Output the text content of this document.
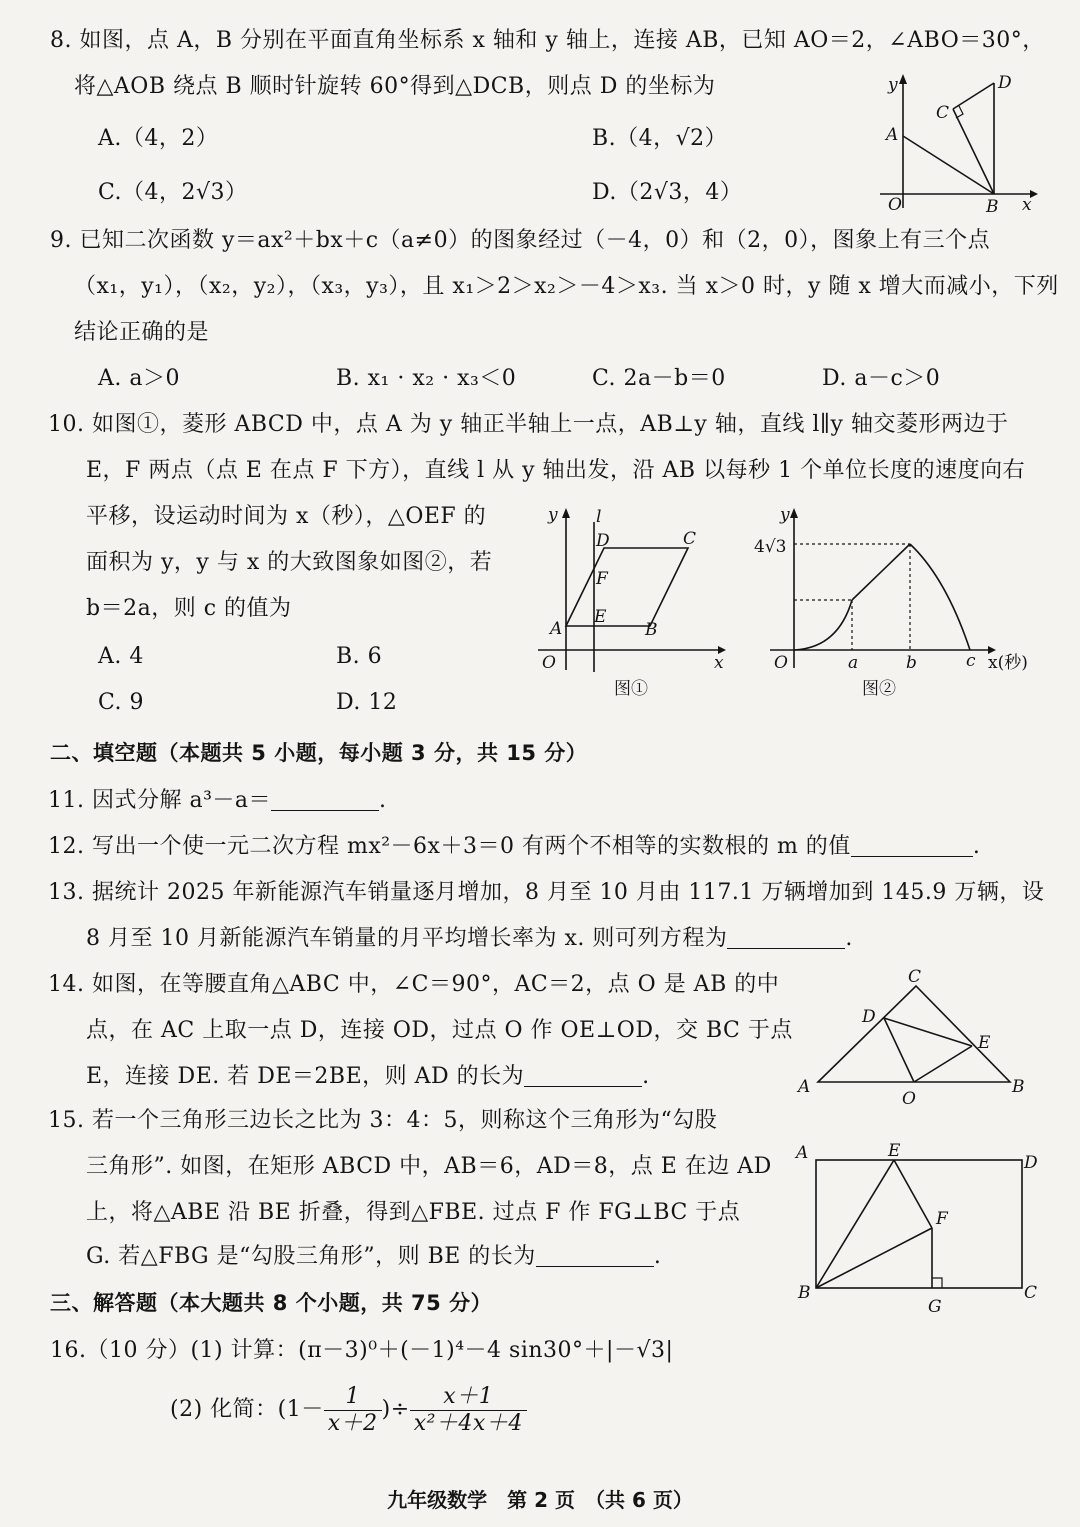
8. 如图，点 A，B 分别在平面直角坐标系 x 轴和 y 轴上，连接 AB，已知 AO＝2，∠ABO＝30°，
将△AOB 绕点 B 顺时针旋转 60°得到△DCB，则点 D 的坐标为
A.（4，2）	B.（4，√2）
C.（4，2√3）	D.（2√3，4）
y
x
O
A
B
C
D
9. 已知二次函数 y＝ax²＋bx＋c（a≠0）的图象经过（－4，0）和（2，0），图象上有三个点
（x₁，y₁），（x₂，y₂），（x₃，y₃），且 x₁＞2＞x₂＞－4＞x₃. 当 x＞0 时，y 随 x 增大而减小，下列
结论正确的是
A. a＞0	B. x₁ · x₂ · x₃＜0	C. 2a－b＝0	D. a－c＞0
10. 如图①，菱形 ABCD 中，点 A 为 y 轴正半轴上一点，AB⊥y 轴，直线 l∥y 轴交菱形两边于
E，F 两点（点 E 在点 F 下方），直线 l 从 y 轴出发，沿 AB 以每秒 1 个单位长度的速度向右
平移，设运动时间为 x（秒），△OEF 的
面积为 y，y 与 x 的大致图象如图②，若
b＝2a，则 c 的值为
A. 4	B. 6
C. 9	D. 12
y l
D	C
F
E
A	B
O	x
图①
y
4√3
O	a	b	c x(秒)
图②
二、填空题（本题共 5 小题，每小题 3 分，共 15 分）
11. 因式分解 a³－a＝	.
12. 写出一个使一元二次方程 mx²－6x＋3＝0 有两个不相等的实数根的 m 的值	.
13. 据统计 2025 年新能源汽车销量逐月增加，8 月至 10 月由 117.1 万辆增加到 145.9 万辆，设
8 月至 10 月新能源汽车销量的月平均增长率为 x. 则可列方程为	.
14. 如图，在等腰直角△ABC 中，∠C＝90°，AC＝2，点 O 是 AB 的中
点，在 AC 上取一点 D，连接 OD，过点 O 作 OE⊥OD，交 BC 于点
E，连接 DE. 若 DE＝2BE，则 AD 的长为	.	A	B
C
D
E
O
15. 若一个三角形三边长之比为 3：4：5，则称这个三角形为“勾股
三角形”. 如图，在矩形 ABCD 中，AB＝6，AD＝8，点 E 在边 AD
上，将△ABE 沿 BE 折叠，得到△FBE. 过点 F 作 FG⊥BC 于点
G. 若△FBG 是“勾股三角形”，则 BE 的长为	.
A
B	C
D
E
F
G
三、解答题（本大题共 8 个小题，共 75 分）
16.（10 分）(1) 计算：(π－3)⁰＋(－1)⁴－4 sin30°＋|－√3|
(2) 化简：($1- \frac{1}{x+2}$ )÷ $\frac{x+1}{\text{x²＋4x＋4}}$
九年级数学　第 2 页　（共 6 页）
